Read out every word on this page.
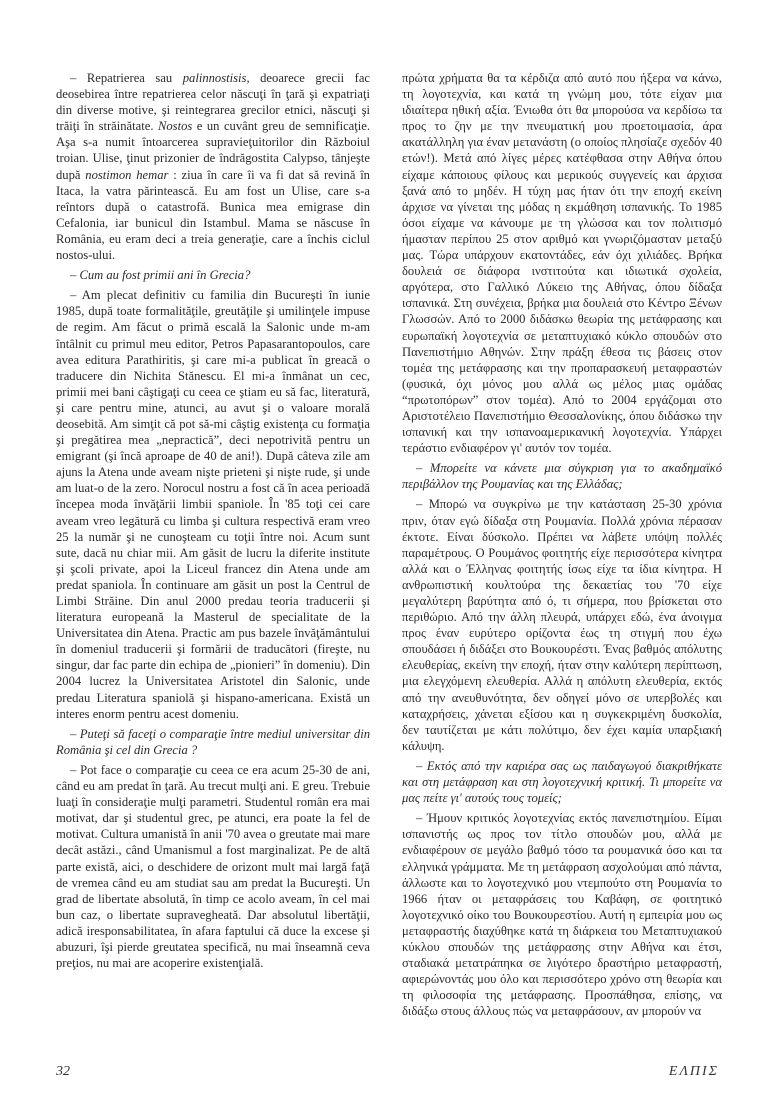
– Repatrierea sau palinnostisis, deoarece grecii fac deosebirea între repatrierea celor născuţi în ţară şi expatriaţi din diverse motive, şi reintegrarea grecilor etnici, născuţi şi trăiţi în străinătate. Nostos e un cuvânt greu de semnificaţie. Aşa s-a numit întoarcerea supravieţuitorilor din Războiul troian. Ulise, ţinut prizonier de îndrăgostita Calypso, tânjeşte după nostimon hemar : ziua în care îi va fi dat să revină în Itaca, la vatra părintească. Eu am fost un Ulise, care s-a reîntors după o catastrofă. Bunica mea emigrase din Cefalonia, iar bunicul din Istambul. Mama se născuse în România, eu eram deci a treia generaţie, care a închis ciclul nostos-ului.

– Cum au fost primii ani în Grecia?

– Am plecat definitiv cu familia din Bucureşti în iunie 1985, după toate formalităţile, greutăţile şi umilinţele impuse de regim. Am făcut o primă escală la Salonic unde m-am întâlnit cu primul meu editor, Petros Papasarantopoulos, care avea editura Parathiritis, şi care mi-a publicat în greacă o traducere din Nichita Stănescu. El mi-a înmânat un cec, primii mei bani câştigaţi cu ceea ce ştiam eu să fac, literatură, şi care pentru mine, atunci, au avut şi o valoare morală deosebită. Am simţit că pot să-mi câştig existenţa cu formaţia şi pregătirea mea „nepractică”, deci nepotrivită pentru un emigrant (şi încă aproape de 40 de ani!). După câteva zile am ajuns la Atena unde aveam nişte prieteni şi nişte rude, şi unde am luat-o de la zero. Norocul nostru a fost că în acea perioadă începea moda învăţării limbii spaniole. În '85 toţi cei care aveam vreo legătură cu limba şi cultura respectivă eram vreo 25 la număr şi ne cunoşteam cu toţii între noi. Acum sunt sute, dacă nu chiar mii. Am găsit de lucru la diferite institute şi şcoli private, apoi la Liceul francez din Atena unde am predat spaniola. În continuare am găsit un post la Centrul de Limbi Străine. Din anul 2000 predau teoria traducerii şi literatura europeană la Masterul de specialitate de la Universitatea din Atena. Practic am pus bazele învăţământului în domeniul traducerii şi formării de traducători (fireşte, nu singur, dar fac parte din echipa de „pionieri” în domeniu). Din 2004 lucrez la Universitatea Aristotel din Salonic, unde predau Literatura spaniolă şi hispano-americana. Există un interes enorm pentru acest domeniu.

– Puteţi să faceţi o comparaţie între mediul universitar din România şi cel din Grecia ?

– Pot face o comparaţie cu ceea ce era acum 25-30 de ani, când eu am predat în ţară. Au trecut mulţi ani. E greu. Trebuie luaţi în consideraţie mulţi parametri. Studentul român era mai motivat, dar şi studentul grec, pe atunci, era poate la fel de motivat. Cultura umanistă în anii '70 avea o greutate mai mare decât astăzi., când Umanismul a fost marginalizat. Pe de altă parte există, aici, o deschidere de orizont mult mai largă faţă de vremea când eu am studiat sau am predat la Bucureşti. Un grad de libertate absolută, în timp ce acolo aveam, în cel mai bun caz, o libertate supravegheată. Dar absolutul libertăţii, adică iresponsabilitatea, în afara faptului că duce la excese şi abuzuri, îşi pierde greutatea specifică, nu mai înseamnă ceva preţios, nu mai are acoperire existenţială.

πρώτα χρήματα θα τα κέρδιζα από αυτό που ήξερα να κάνω, τη λογοτεχνία, και κατά τη γνώμη μου, τότε είχαν μια ιδιαίτερα ηθική αξία. Ένιωθα ότι θα μπορούσα να κερδίσω τα προς το ζην με την πνευματική μου προετοιμασία, άρα ακατάλληλη για έναν μετανάστη (ο οποίος πλησίαζε σχεδόν 40 ετών!). Μετά από λίγες μέρες κατέφθασα στην Αθήνα όπου είχαμε κάποιους φίλους και μερικούς συγγενείς και άρχισα ξανά από το μηδέν. Η τύχη μας ήταν ότι την εποχή εκείνη άρχισε να γίνεται της μόδας η εκμάθηση ισπανικής. Το 1985 όσοι είχαμε να κάνουμε με τη γλώσσα και τον πολιτισμό ήμασταν περίπου 25 στον αριθμό και γνωριζόμασταν μεταξύ μας. Τώρα υπάρχουν εκατοντάδες, εάν όχι χιλιάδες. Βρήκα δουλειά σε διάφορα ινστιτούτα και ιδιωτικά σχολεία, αργότερα, στο Γαλλικό Λύκειο της Αθήνας, όπου δίδαξα ισπανικά. Στη συνέχεια, βρήκα μια δουλειά στο Κέντρο Ξένων Γλωσσών. Από το 2000 διδάσκω θεωρία της μετάφρασης και ευρωπαϊκή λογοτεχνία σε μεταπτυχιακό κύκλο σπουδών στο Πανεπιστήμιο Αθηνών. Στην πράξη έθεσα τις βάσεις στον τομέα της μετάφρασης και την προπαρασκευή μεταφραστών (φυσικά, όχι μόνος μου αλλά ως μέλος μιας ομάδας “πρωτοπόρων” στον τομέα). Από το 2004 εργάζομαι στο Αριστοτέλειο Πανεπιστήμιο Θεσσαλονίκης, όπου διδάσκω την ισπανική και την ισπανοαμερικανική λογοτεχνία. Υπάρχει τεράστιο ενδιαφέρον γι' αυτόν τον τομέα.

– Μπορείτε να κάνετε μια σύγκριση για το ακαδημαϊκό περιβάλλον της Ρουμανίας και της Ελλάδας;

– Μπορώ να συγκρίνω με την κατάσταση 25-30 χρόνια πριν, όταν εγώ δίδαξα στη Ρουμανία. Πολλά χρόνια πέρασαν έκτοτε. Είναι δύσκολο. Πρέπει να λάβετε υπόψη πολλές παραμέτρους. Ο Ρουμάνος φοιτητής είχε περισσότερα κίνητρα αλλά και ο Έλληνας φοιτητής ίσως είχε τα ίδια κίνητρα. Η ανθρωπιστική κουλτούρα της δεκαετίας του '70 είχε μεγαλύτερη βαρύτητα από ό, τι σήμερα, που βρίσκεται στο περιθώριο. Από την άλλη πλευρά, υπάρχει εδώ, ένα άνοιγμα προς έναν ευρύτερο ορίζοντα έως τη στιγμή που έχω σπουδάσει ή διδάξει στο Βουκουρέστι. Ένας βαθμός απόλυτης ελευθερίας, εκείνη την εποχή, ήταν στην καλύτερη περίπτωση, μια ελεγχόμενη ελευθερία. Αλλά η απόλυτη ελευθερία, εκτός από την ανευθυνότητα, δεν οδηγεί μόνο σε υπερβολές και καταχρήσεις, χάνεται εξίσου και η συγκεκριμένη δυσκολία, δεν ταυτίζεται με κάτι πολύτιμο, δεν έχει καμία υπαρξιακή κάλυψη.

– Εκτός από την καριέρα σας ως παιδαγωγού διακριθήκατε και στη μετάφραση και στη λογοτεχνική κριτική. Τι μπορείτε να μας πείτε γι' αυτούς τους τομείς;

– Ήμουν κριτικός λογοτεχνίας εκτός πανεπιστημίου. Είμαι ισπανιστής ως προς τον τίτλο σπουδών μου, αλλά με ενδιαφέρουν σε μεγάλο βαθμό τόσο τα ρουμανικά όσο και τα ελληνικά γράμματα. Με τη μετάφραση ασχολούμαι από πάντα, άλλωστε και το λογοτεχνικό μου ντεμπούτο στη Ρουμανία το 1966 ήταν οι μεταφράσεις του Καβάφη, σε φοιτητικό λογοτεχνικό οίκο του Βουκουρεστίου. Αυτή η εμπειρία μου ως μεταφραστής διαχύθηκε κατά τη διάρκεια του Μεταπτυχιακού κύκλου σπουδών της μετάφρασης στην Αθήνα και έτσι, σταδιακά μετατράπηκα σε λιγότερο δραστήριο μεταφραστή, αφιερώνοντάς μου όλο και περισσότερο χρόνο στη θεωρία και τη φιλοσοφία της μετάφρασης. Προσπάθησα, επίσης, να διδάξω στους άλλους πώς να μεταφράσουν, αν μπορούν να

32	ΕΛΠΙΣ
